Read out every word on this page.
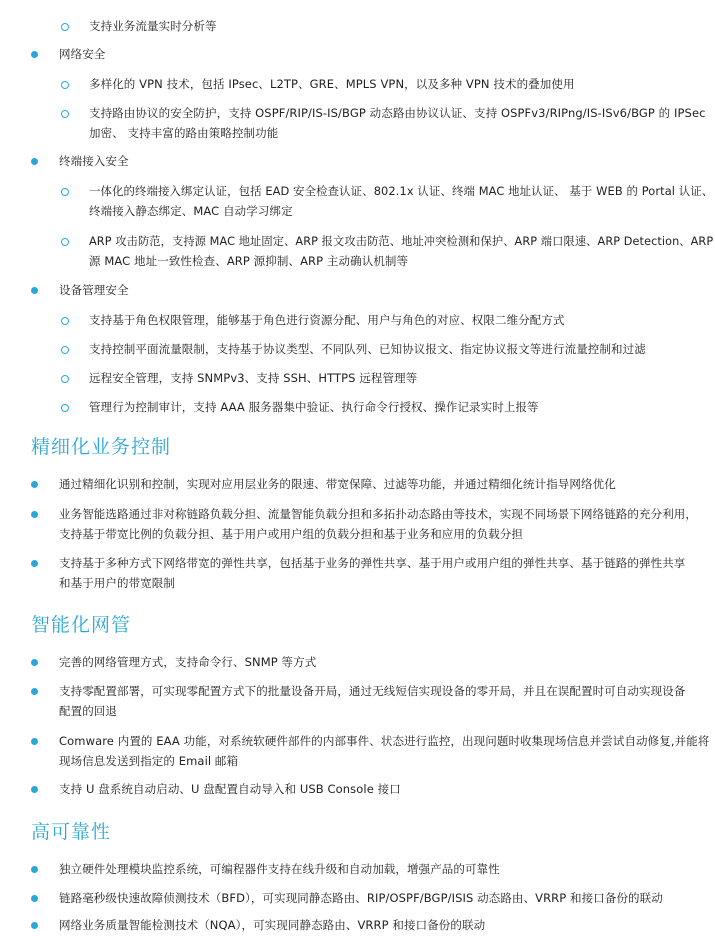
支持业务流量实时分析等
网络安全
多样化的 VPN 技术，包括 IPsec、L2TP、GRE、MPLS VPN，以及多种 VPN 技术的叠加使用
支持路由协议的安全防护，支持 OSPF/RIP/IS-IS/BGP 动态路由协议认证、支持 OSPFv3/RIPng/IS-ISv6/BGP 的 IPSec
加密、 支持丰富的路由策略控制功能
终端接入安全
一体化的终端接入绑定认证，包括 EAD 安全检查认证、802.1x 认证、终端 MAC 地址认证、 基于 WEB 的 Portal 认证、
终端接入静态绑定、MAC 自动学习绑定
ARP 攻击防范，支持源 MAC 地址固定、ARP 报文攻击防范、地址冲突检测和保护、ARP 端口限速、ARP Detection、ARP
源 MAC 地址一致性检查、ARP 源抑制、ARP 主动确认机制等
设备管理安全
支持基于角色权限管理，能够基于角色进行资源分配、用户与角色的对应、权限二维分配方式
支持控制平面流量限制，支持基于协议类型、不同队列、已知协议报文、指定协议报文等进行流量控制和过滤
远程安全管理，支持 SNMPv3、支持 SSH、HTTPS 远程管理等
管理行为控制审计，支持 AAA 服务器集中验证、执行命令行授权、操作记录实时上报等
精细化业务控制
通过精细化识别和控制，实现对应用层业务的限速、带宽保障、过滤等功能，并通过精细化统计指导网络优化
业务智能选路通过非对称链路负载分担、流量智能负载分担和多拓扑动态路由等技术，实现不同场景下网络链路的充分利用，
支持基于带宽比例的负载分担、基于用户或用户组的负载分担和基于业务和应用的负载分担
支持基于多种方式下网络带宽的弹性共享，包括基于业务的弹性共享、基于用户或用户组的弹性共享、基于链路的弹性共享
和基于用户的带宽限制
智能化网管
完善的网络管理方式，支持命令行、SNMP 等方式
支持零配置部署，可实现零配置方式下的批量设备开局，通过无线短信实现设备的零开局，并且在误配置时可自动实现设备
配置的回退
Comware 内置的 EAA 功能，对系统软硬件部件的内部事件、状态进行监控，出现问题时收集现场信息并尝试自动修复,并能将
现场信息发送到指定的 Email 邮箱
支持 U 盘系统自动启动、U 盘配置自动导入和 USB Console 接口
高可靠性
独立硬件处理模块监控系统，可编程器件支持在线升级和自动加载，增强产品的可靠性
链路毫秒级快速故障侦测技术（BFD），可实现同静态路由、RIP/OSPF/BGP/ISIS 动态路由、VRRP 和接口备份的联动
网络业务质量智能检测技术（NQA），可实现同静态路由、VRRP 和接口备份的联动
